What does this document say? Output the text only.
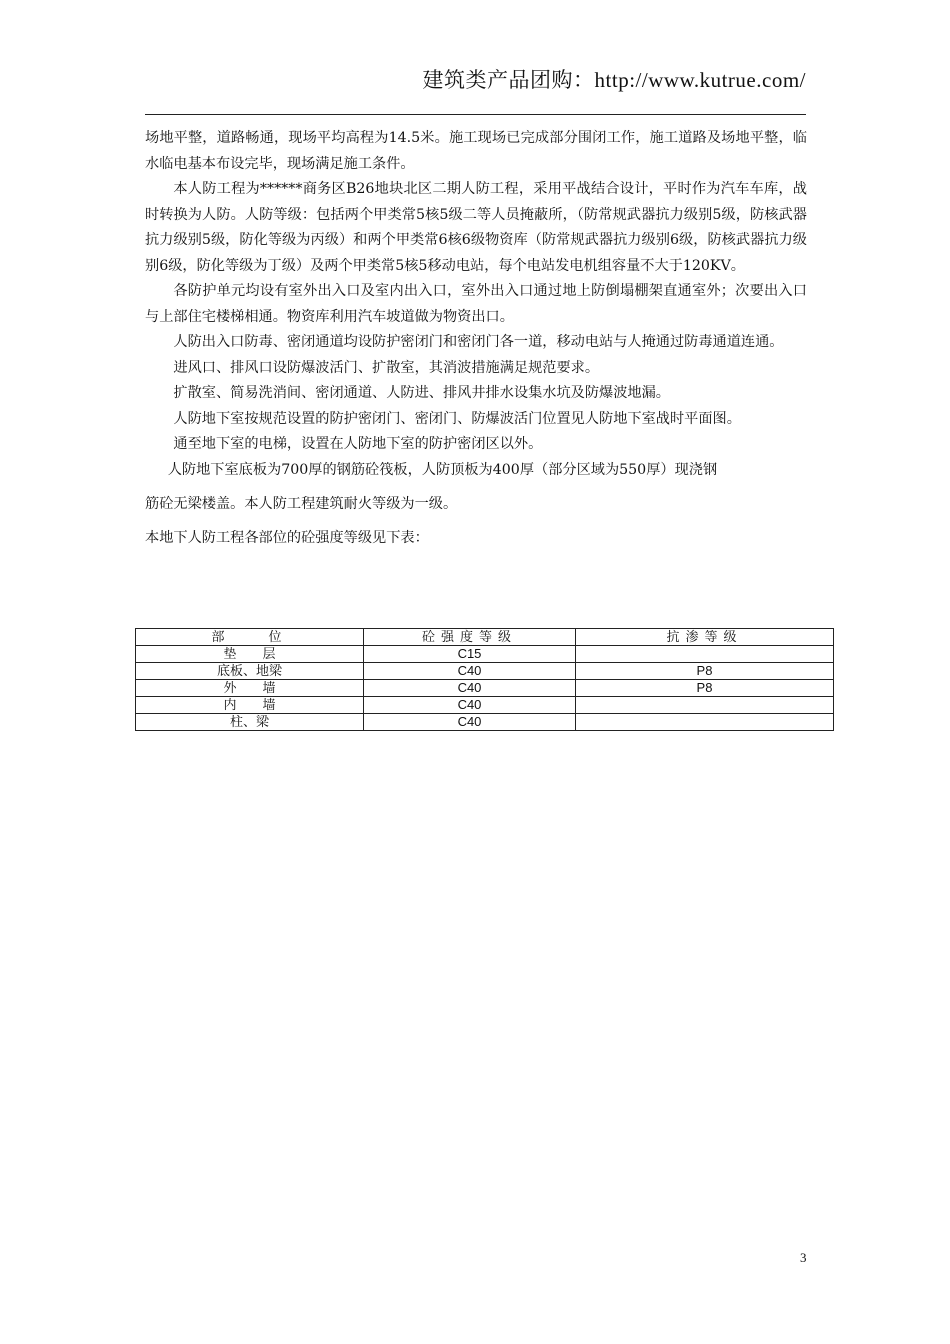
建筑类产品团购：http://www.kutrue.com/

场地平整，道路畅通，现场平均高程为14.5米。施工现场已完成部分围闭工作，施工道路及场地平整，临水临电基本布设完毕，现场满足施工条件。

本人防工程为******商务区B26地块北区二期人防工程，采用平战结合设计，平时作为汽车车库，战时转换为人防。人防等级：包括两个甲类常5核5级二等人员掩蔽所，（防常规武器抗力级别5级，防核武器抗力级别5级，防化等级为丙级）和两个甲类常6核6级物资库（防常规武器抗力级别6级，防核武器抗力级别6级，防化等级为丁级）及两个甲类常5核5移动电站，每个电站发电机组容量不大于120KV。

各防护单元均设有室外出入口及室内出入口，室外出入口通过地上防倒塌棚架直通室外；次要出入口与上部住宅楼梯相通。物资库利用汽车坡道做为物资出口。

人防出入口防毒、密闭通道均设防护密闭门和密闭门各一道，移动电站与人掩通过防毒通道连通。

进风口、排风口设防爆波活门、扩散室，其消波措施满足规范要求。

扩散室、简易洗消间、密闭通道、人防进、排风井排水设集水坑及防爆波地漏。

人防地下室按规范设置的防护密闭门、密闭门、防爆波活门位置见人防地下室战时平面图。

通至地下室的电梯，设置在人防地下室的防护密闭区以外。

人防地下室底板为700厚的钢筋砼筏板，人防顶板为400厚（部分区域为550厚）现浇钢

筋砼无梁楼盖。本人防工程建筑耐火等级为一级。

本地下人防工程各部位的砼强度等级见下表：

部　　位	砼强度等级	抗渗等级
垫　　层	C15	
底板、地梁	C40	P8
外　　墙	C40	P8
内　　墙	C40	
柱、梁	C40	
3
